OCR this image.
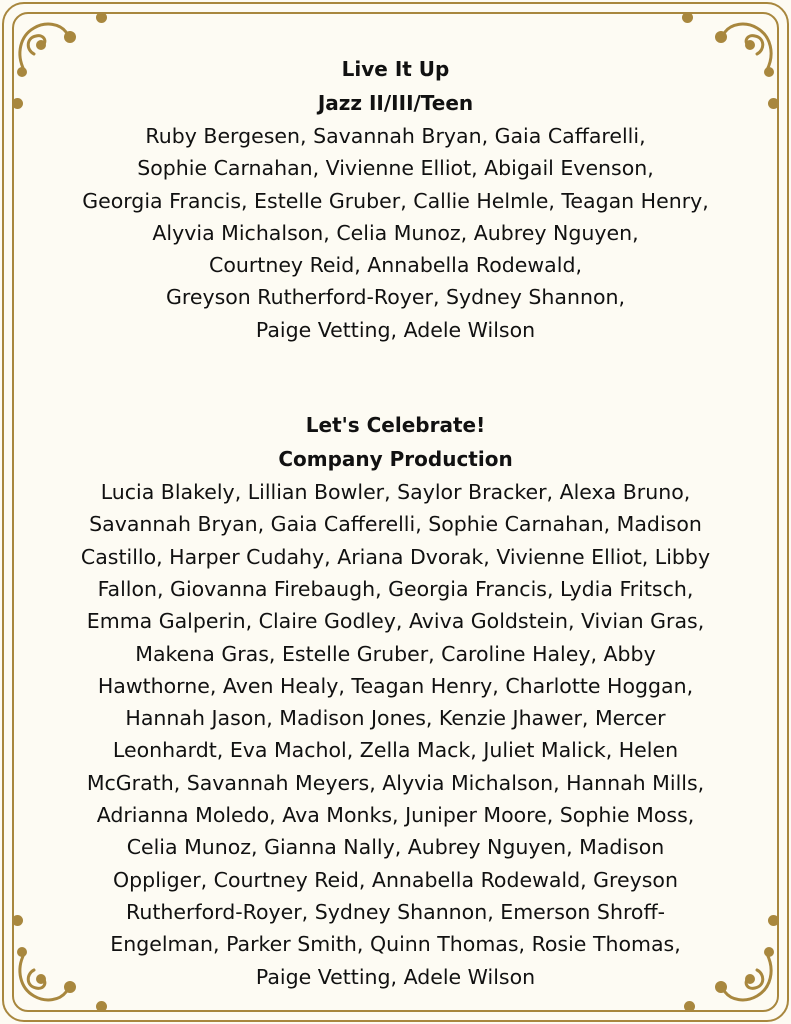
Live It Up

Jazz II/III/Teen

Ruby Bergesen, Savannah Bryan, Gaia Caffarelli,
Sophie Carnahan, Vivienne Elliot, Abigail Evenson,
Georgia Francis, Estelle Gruber, Callie Helmle, Teagan Henry,
Alyvia Michalson, Celia Munoz, Aubrey Nguyen,
Courtney Reid, Annabella Rodewald,
Greyson Rutherford-Royer, Sydney Shannon,
Paige Vetting, Adele Wilson

Let's Celebrate!

Company Production

Lucia Blakely, Lillian Bowler, Saylor Bracker, Alexa Bruno,
Savannah Bryan, Gaia Cafferelli, Sophie Carnahan, Madison
Castillo, Harper Cudahy, Ariana Dvorak, Vivienne Elliot, Libby
Fallon, Giovanna Firebaugh, Georgia Francis, Lydia Fritsch,
Emma Galperin, Claire Godley, Aviva Goldstein, Vivian Gras,
Makena Gras, Estelle Gruber, Caroline Haley, Abby
Hawthorne, Aven Healy, Teagan Henry, Charlotte Hoggan,
Hannah Jason, Madison Jones, Kenzie Jhawer, Mercer
Leonhardt, Eva Machol, Zella Mack, Juliet Malick, Helen
McGrath, Savannah Meyers, Alyvia Michalson, Hannah Mills,
Adrianna Moledo, Ava Monks, Juniper Moore, Sophie Moss,
Celia Munoz, Gianna Nally, Aubrey Nguyen, Madison
Oppliger, Courtney Reid, Annabella Rodewald, Greyson
Rutherford-Royer, Sydney Shannon, Emerson Shroff-
Engelman, Parker Smith, Quinn Thomas, Rosie Thomas,
Paige Vetting, Adele Wilson
